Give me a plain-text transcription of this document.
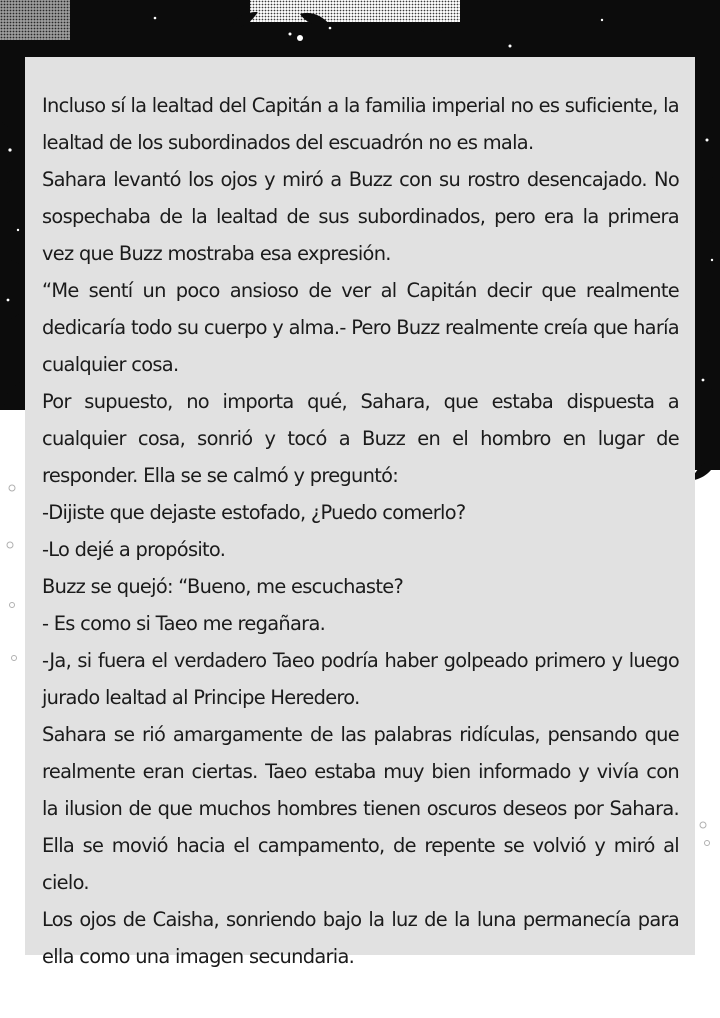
Incluso sí la lealtad del Capitán a la familia imperial no es suficiente, la lealtad de los subordinados del escuadrón no es mala.

Sahara levantó los ojos y miró a Buzz con su rostro desencajado. No sospechaba de la lealtad de sus subordinados, pero era la primera vez que Buzz mostraba esa expresión.

“Me sentí un poco ansioso de ver al Capitán decir que realmente dedicaría todo su cuerpo y alma.- Pero Buzz realmente creía que haría cualquier cosa.

Por supuesto, no importa qué, Sahara, que estaba dispuesta a cualquier cosa, sonrió y tocó a Buzz en el hombro en lugar de responder. Ella se se calmó y preguntó:

-Dijiste que dejaste estofado, ¿Puedo comerlo?

-Lo dejé a propósito.

Buzz se quejó: “Bueno, me escuchaste?

- Es como si Taeo me regañara.

-Ja, si fuera el verdadero Taeo podría haber golpeado primero y luego jurado lealtad al Principe Heredero.

Sahara se rió amargamente de las palabras ridículas, pensando que realmente eran ciertas. Taeo estaba muy bien informado y vivía con la ilusion de que muchos hombres tienen oscuros deseos por Sahara. Ella se movió hacia el campamento, de repente se volvió y miró al cielo.

Los ojos de Caisha, sonriendo bajo la luz de la luna permanecía para ella como una imagen secundaria.
